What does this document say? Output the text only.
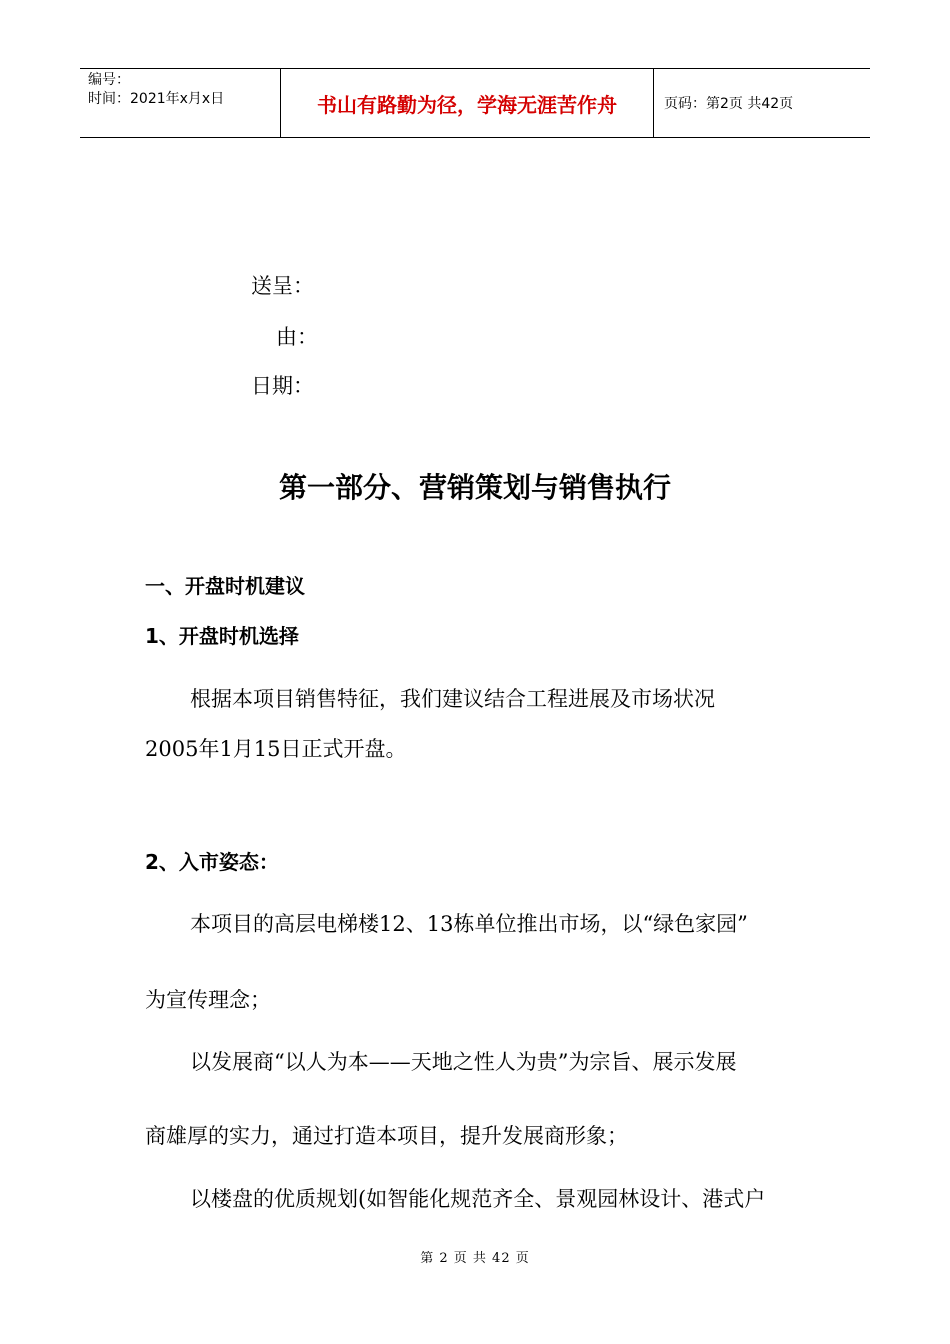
编号：
时间：2021年x月x日	书山有路勤为径，学海无涯苦作舟	页码：第2页 共42页
送呈：
由：
日期：
第一部分、营销策划与销售执行
一、开盘时机建议
1、开盘时机选择
根据本项目销售特征，我们建议结合工程进展及市场状况
2005年1月15日正式开盘。
2、入市姿态：
本项目的高层电梯楼12、13栋单位推出市场，以“绿色家园”
为宣传理念；
以发展商“以人为本——天地之性人为贵”为宗旨、展示发展
商雄厚的实力，通过打造本项目，提升发展商形象；
以楼盘的优质规划(如智能化规范齐全、景观园林设计、港式户
第 2 页 共 42 页
